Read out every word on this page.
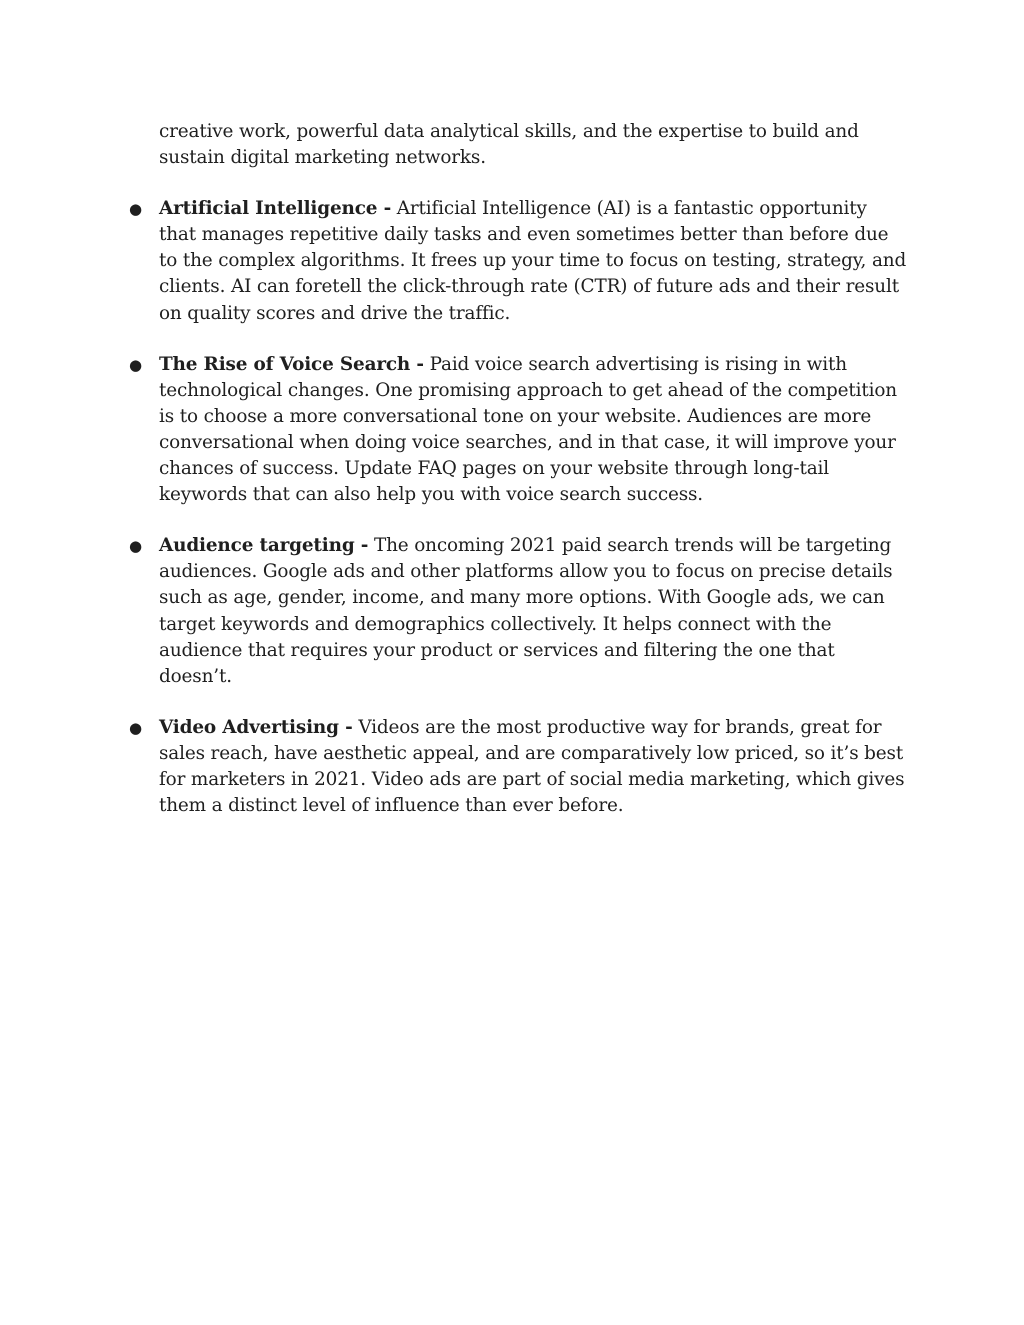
creative work, powerful data analytical skills, and the expertise to build and sustain digital marketing networks.

● Artificial Intelligence - Artificial Intelligence (AI) is a fantastic opportunity that manages repetitive daily tasks and even sometimes better than before due to the complex algorithms. It frees up your time to focus on testing, strategy, and clients. AI can foretell the click-through rate (CTR) of future ads and their result on quality scores and drive the traffic.
● The Rise of Voice Search - Paid voice search advertising is rising in with technological changes. One promising approach to get ahead of the competition is to choose a more conversational tone on your website. Audiences are more conversational when doing voice searches, and in that case, it will improve your chances of success. Update FAQ pages on your website through long-tail keywords that can also help you with voice search success.
● Audience targeting - The oncoming 2021 paid search trends will be targeting audiences. Google ads and other platforms allow you to focus on precise details such as age, gender, income, and many more options. With Google ads, we can target keywords and demographics collectively. It helps connect with the audience that requires your product or services and filtering the one that doesn’t.
● Video Advertising - Videos are the most productive way for brands, great for sales reach, have aesthetic appeal, and are comparatively low priced, so it’s best for marketers in 2021. Video ads are part of social media marketing, which gives them a distinct level of influence than ever before.
